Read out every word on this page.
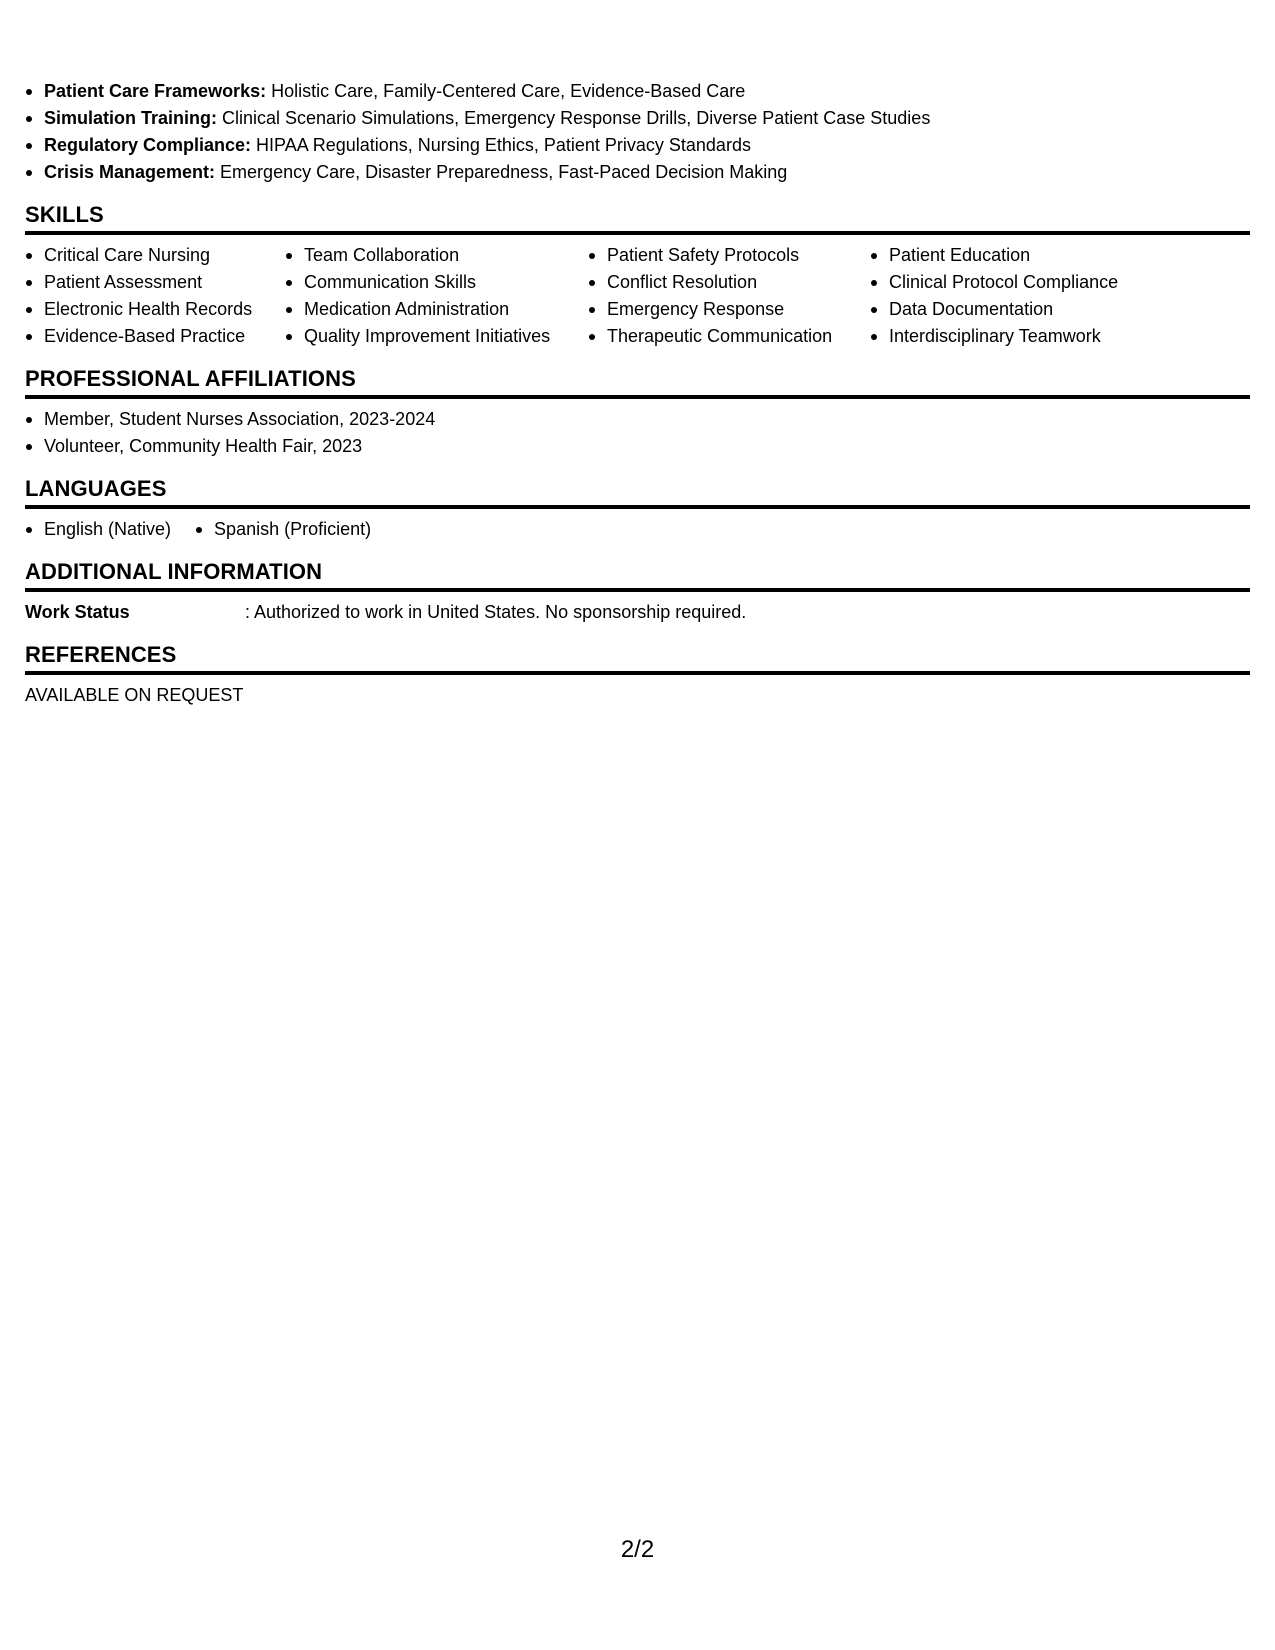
Patient Care Frameworks: Holistic Care, Family-Centered Care, Evidence-Based Care
Simulation Training: Clinical Scenario Simulations, Emergency Response Drills, Diverse Patient Case Studies
Regulatory Compliance: HIPAA Regulations, Nursing Ethics, Patient Privacy Standards
Crisis Management: Emergency Care, Disaster Preparedness, Fast-Paced Decision Making
SKILLS
Critical Care Nursing
Patient Assessment
Electronic Health Records
Evidence-Based Practice
Team Collaboration
Communication Skills
Medication Administration
Quality Improvement Initiatives
Patient Safety Protocols
Conflict Resolution
Emergency Response
Therapeutic Communication
Patient Education
Clinical Protocol Compliance
Data Documentation
Interdisciplinary Teamwork
PROFESSIONAL AFFILIATIONS
Member, Student Nurses Association, 2023-2024
Volunteer, Community Health Fair, 2023
LANGUAGES
English (Native)	Spanish (Proficient)
ADDITIONAL INFORMATION
Work Status	: Authorized to work in United States. No sponsorship required.
REFERENCES
AVAILABLE ON REQUEST
2/2
